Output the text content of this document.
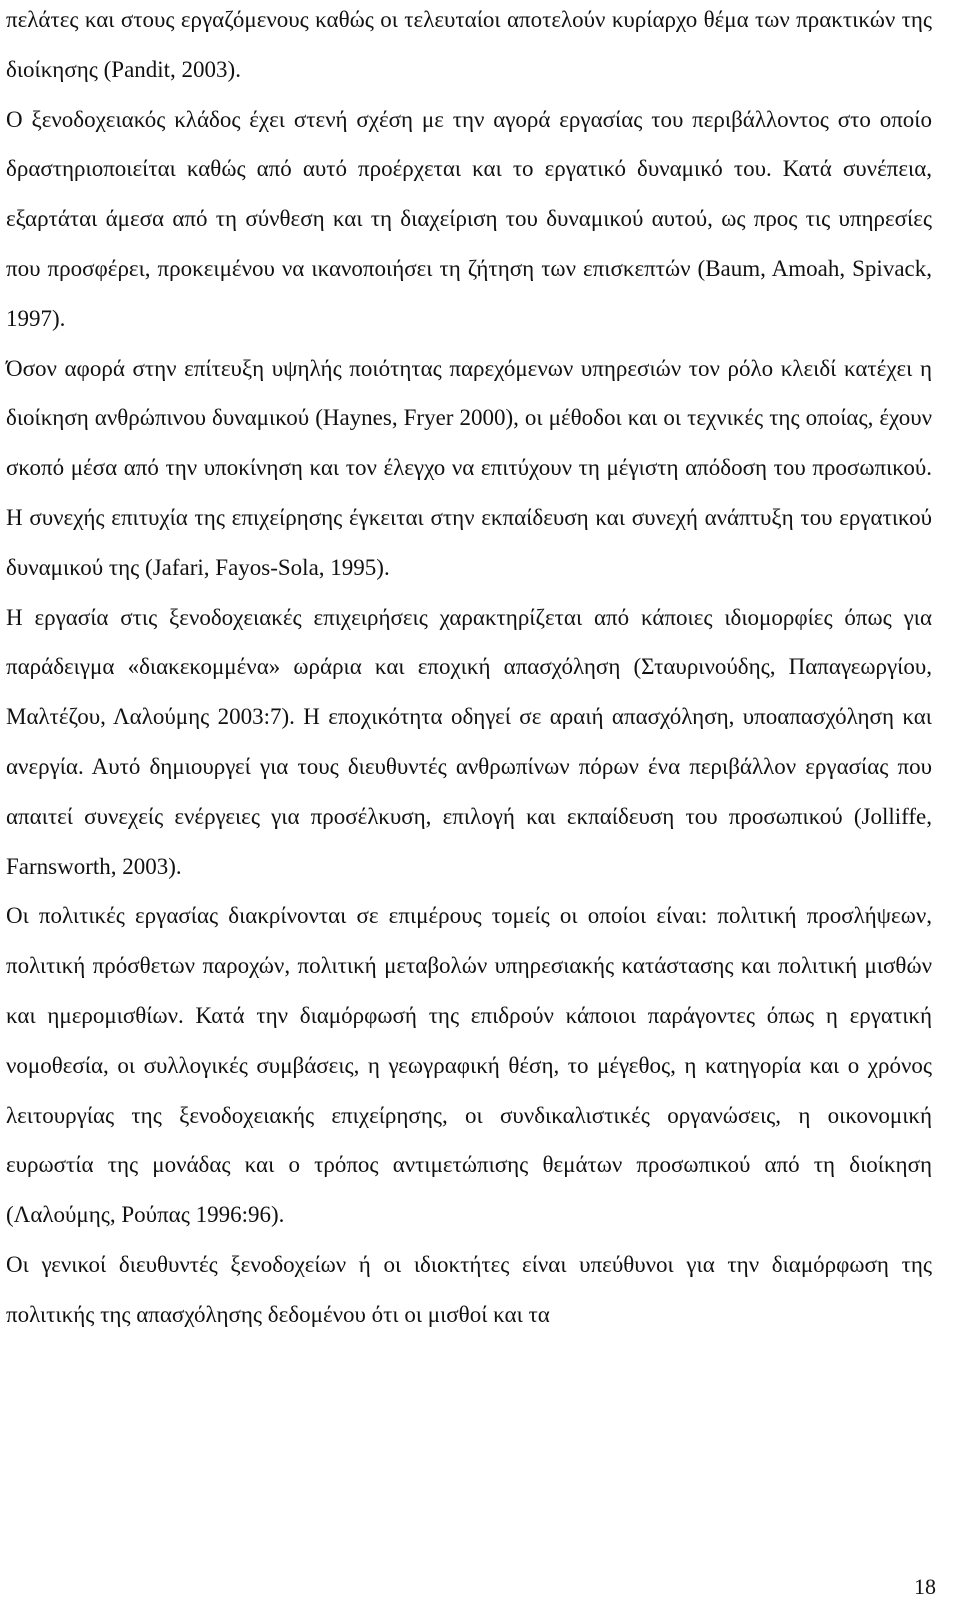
πελάτες και στους εργαζόμενους καθώς οι τελευταίοι αποτελούν κυρίαρχο θέμα των πρακτικών της διοίκησης (Pandit, 2003).

Ο ξενοδοχειακός κλάδος έχει στενή σχέση με την αγορά εργασίας του περιβάλλοντος στο οποίο δραστηριοποιείται καθώς από αυτό προέρχεται και το εργατικό δυναμικό του. Κατά συνέπεια, εξαρτάται άμεσα από τη σύνθεση και τη διαχείριση του δυναμικού αυτού, ως προς τις υπηρεσίες που προσφέρει, προκειμένου να ικανοποιήσει τη ζήτηση των επισκεπτών (Baum, Amoah, Spivack, 1997).

Όσον αφορά στην επίτευξη υψηλής ποιότητας παρεχόμενων υπηρεσιών τον ρόλο κλειδί κατέχει η διοίκηση ανθρώπινου δυναμικού (Haynes, Fryer 2000), οι μέθοδοι και οι τεχνικές της οποίας, έχουν σκοπό μέσα από την υποκίνηση και τον έλεγχο να επιτύχουν τη μέγιστη απόδοση του προσωπικού. Η συνεχής επιτυχία της επιχείρησης έγκειται στην εκπαίδευση και συνεχή ανάπτυξη του εργατικού δυναμικού της (Jafari, Fayos-Sola, 1995).

Η εργασία στις ξενοδοχειακές επιχειρήσεις χαρακτηρίζεται από κάποιες ιδιομορφίες όπως για παράδειγμα «διακεκομμένα» ωράρια και εποχική απασχόληση (Σταυρινούδης, Παπαγεωργίου, Μαλτέζου, Λαλούμης 2003:7). Η εποχικότητα οδηγεί σε αραιή απασχόληση, υποαπασχόληση και ανεργία. Αυτό δημιουργεί για τους διευθυντές ανθρωπίνων πόρων ένα περιβάλλον εργασίας που απαιτεί συνεχείς ενέργειες για προσέλκυση, επιλογή και εκπαίδευση του προσωπικού (Jolliffe, Farnsworth, 2003).

Οι πολιτικές εργασίας διακρίνονται σε επιμέρους τομείς οι οποίοι είναι: πολιτική προσλήψεων, πολιτική πρόσθετων παροχών, πολιτική μεταβολών υπηρεσιακής κατάστασης και πολιτική μισθών και ημερομισθίων. Κατά την διαμόρφωσή της επιδρούν κάποιοι παράγοντες όπως η εργατική νομοθεσία, οι συλλογικές συμβάσεις, η γεωγραφική θέση, το μέγεθος, η κατηγορία και ο χρόνος λειτουργίας της ξενοδοχειακής επιχείρησης, οι συνδικαλιστικές οργανώσεις, η οικονομική ευρωστία της μονάδας και ο τρόπος αντιμετώπισης θεμάτων προσωπικού από τη διοίκηση (Λαλούμης, Ρούπας 1996:96).

Οι γενικοί διευθυντές ξενοδοχείων ή οι ιδιοκτήτες είναι υπεύθυνοι για την διαμόρφωση της πολιτικής της απασχόλησης δεδομένου ότι οι μισθοί και τα

18
